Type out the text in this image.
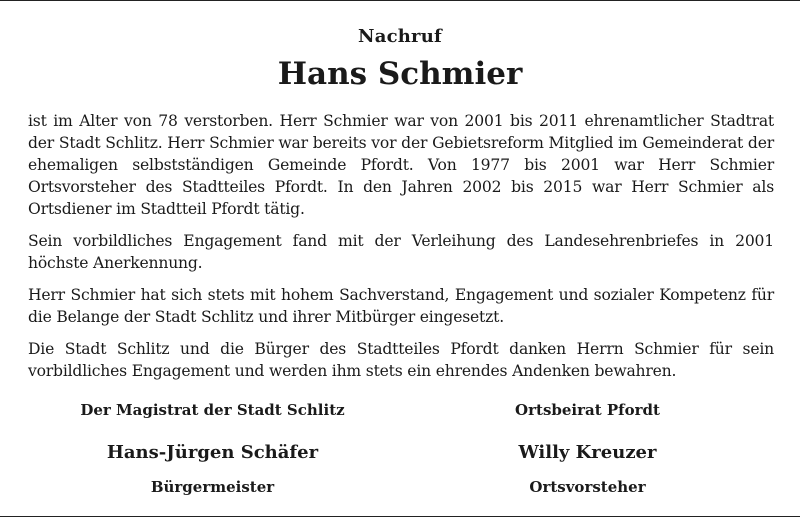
Nachruf
Hans Schmier

ist im Alter von 78 verstorben. Herr Schmier war von 2001 bis 2011 ehrenamtlicher Stadtrat der Stadt Schlitz. Herr Schmier war bereits vor der Gebietsreform Mitglied im Gemeinderat der ehemaligen selbstständigen Gemeinde Pfordt. Von 1977 bis 2001 war Herr Schmier Ortsvorsteher des Stadtteiles Pfordt. In den Jahren 2002 bis 2015 war Herr Schmier als Ortsdiener im Stadtteil Pfordt tätig.

Sein vorbildliches Engagement fand mit der Verleihung des Landesehrenbriefes in 2001 höchste Anerkennung.

Herr Schmier hat sich stets mit hohem Sachverstand, Engagement und sozialer Kompetenz für die Belange der Stadt Schlitz und ihrer Mitbürger eingesetzt.

Die Stadt Schlitz und die Bürger des Stadtteiles Pfordt danken Herrn Schmier für sein vorbildliches Engagement und werden ihm stets ein ehrendes Andenken bewahren.

Der Magistrat der Stadt Schlitz
Hans-Jürgen Schäfer
Bürgermeister
Ortsbeirat Pfordt
Willy Kreuzer
Ortsvorsteher
